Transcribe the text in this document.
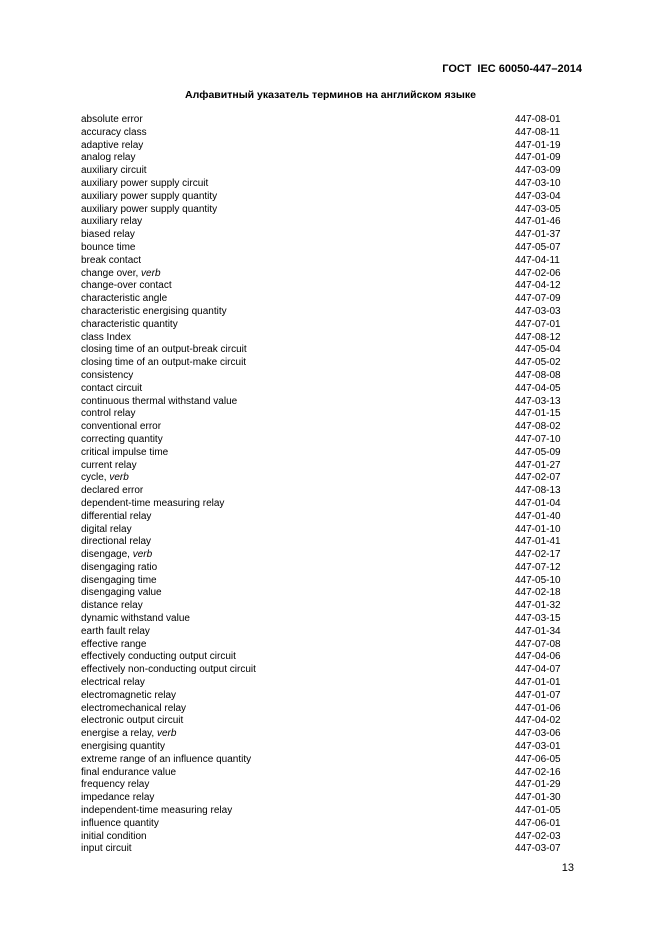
ГОСТ  IEC 60050-447–2014
Алфавитный указатель терминов на английском языке
absolute error	447-08-01
accuracy class	447-08-11
adaptive relay	447-01-19
analog relay	447-01-09
auxiliary circuit	447-03-09
auxiliary power supply circuit	447-03-10
auxiliary power supply quantity	447-03-04
auxiliary power supply quantity	447-03-05
auxiliary relay	447-01-46
biased relay	447-01-37
bounce time	447-05-07
break contact	447-04-11
change over, verb	447-02-06
change-over contact	447-04-12
characteristic angle	447-07-09
characteristic energising quantity	447-03-03
characteristic quantity	447-07-01
class Index	447-08-12
closing time of an output-break circuit	447-05-04
closing time of an output-make circuit	447-05-02
consistency	447-08-08
contact circuit	447-04-05
continuous thermal withstand value	447-03-13
control relay	447-01-15
conventional error	447-08-02
correcting quantity	447-07-10
critical impulse time	447-05-09
current relay	447-01-27
cycle, verb	447-02-07
declared error	447-08-13
dependent-time measuring relay	447-01-04
differential relay	447-01-40
digital relay	447-01-10
directional relay	447-01-41
disengage, verb	447-02-17
disengaging ratio	447-07-12
disengaging time	447-05-10
disengaging value	447-02-18
distance relay	447-01-32
dynamic withstand value	447-03-15
earth fault relay	447-01-34
effective range	447-07-08
effectively conducting output circuit	447-04-06
effectively non-conducting output circuit	447-04-07
electrical relay	447-01-01
electromagnetic relay	447-01-07
electromechanical relay	447-01-06
electronic output circuit	447-04-02
energise a relay, verb	447-03-06
energising quantity	447-03-01
extreme range of an influence quantity	447-06-05
final endurance value	447-02-16
frequency relay	447-01-29
impedance relay	447-01-30
independent-time measuring relay	447-01-05
influence quantity	447-06-01
initial condition	447-02-03
input circuit	447-03-07
13
